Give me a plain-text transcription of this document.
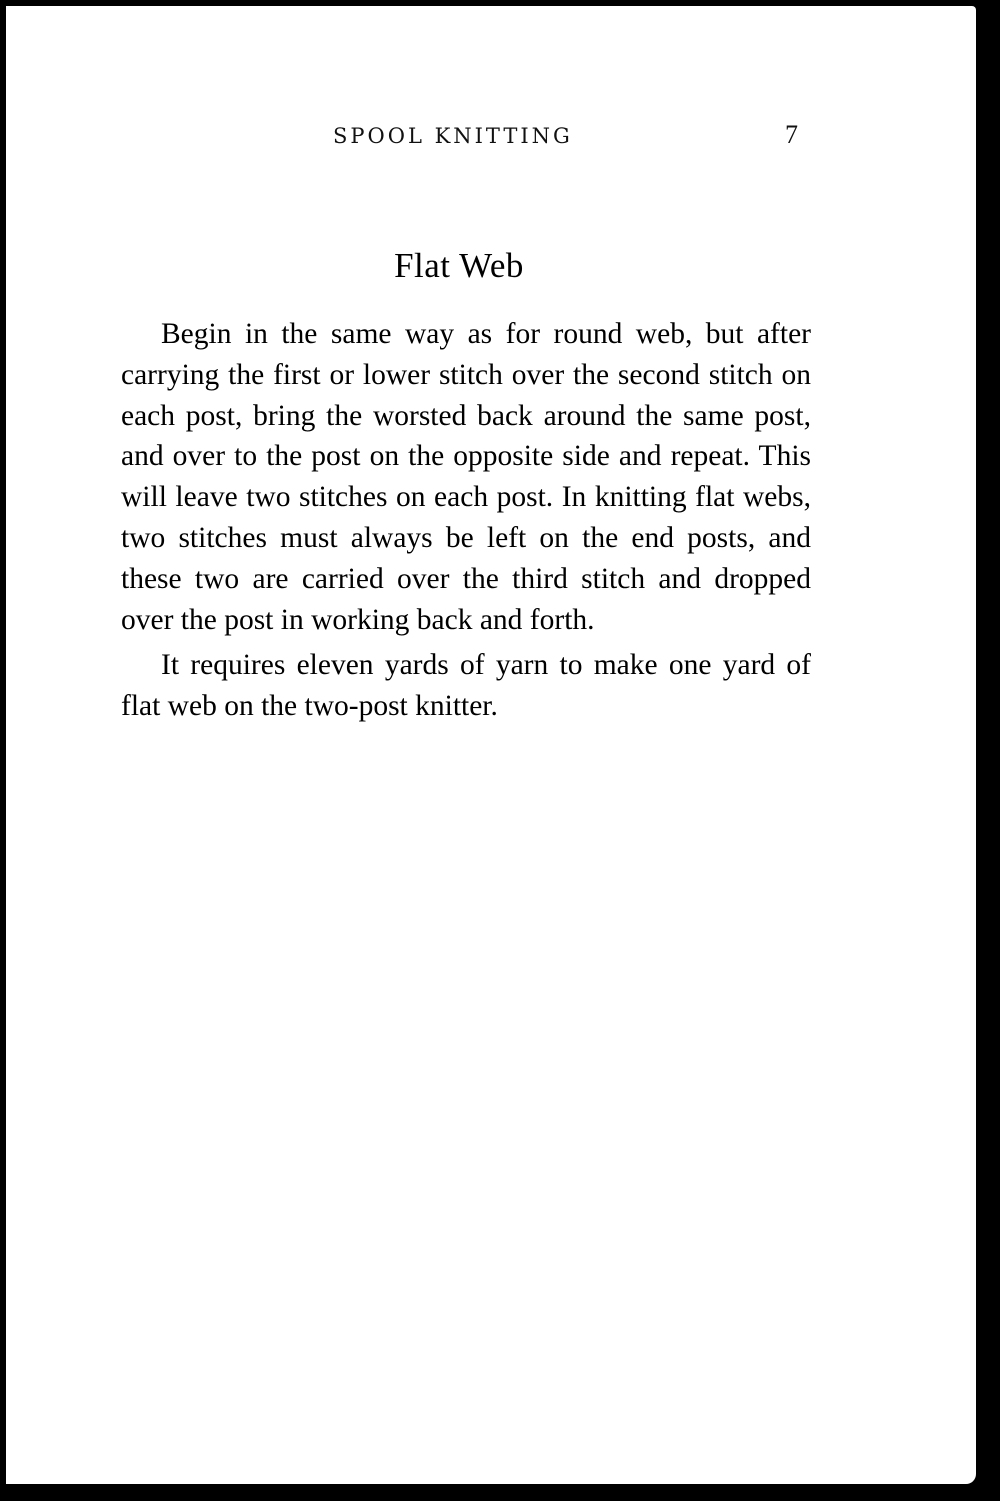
SPOOL KNITTING	7
Flat Web

Begin in the same way as for round web, but after carrying the first or lower stitch over the second stitch on each post, bring the worsted back around the same post, and over to the post on the opposite side and repeat. This will leave two stitches on each post. In knitting flat webs, two stitches must always be left on the end posts, and these two are carried over the third stitch and dropped over the post in working back and forth.

It requires eleven yards of yarn to make one yard of flat web on the two-post knitter.
